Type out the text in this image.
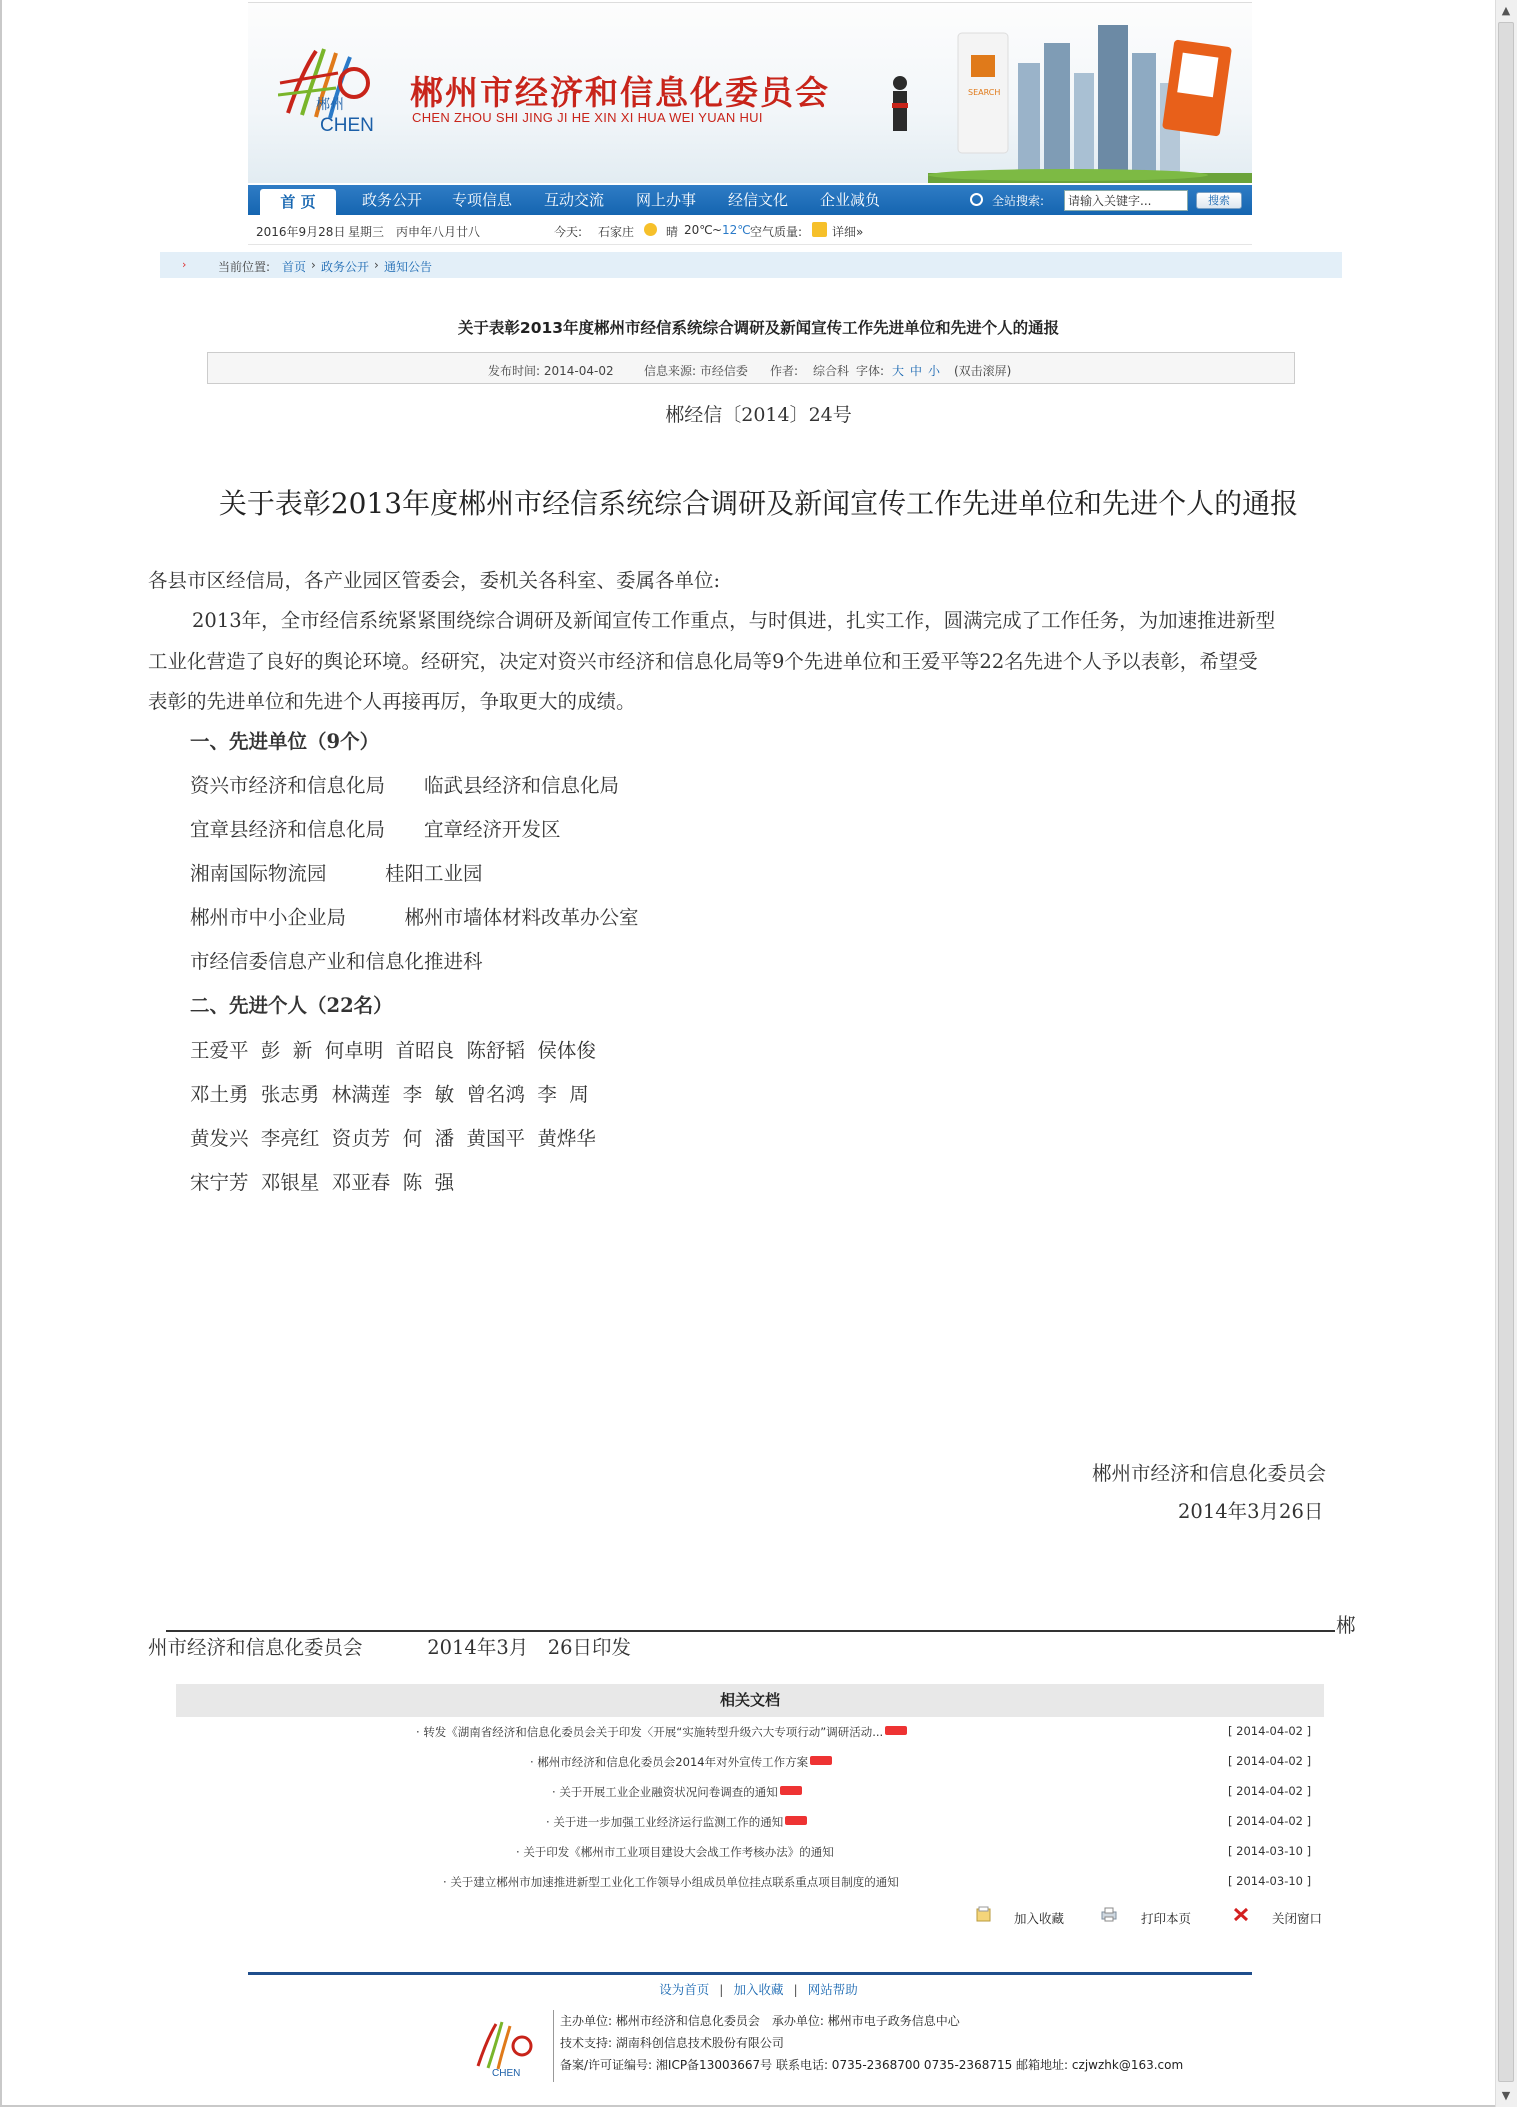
▲
▼
郴州
CHEN
郴州市经济和信息化委员会
CHEN ZHOU SHI JING JI HE XIN XI HUA WEI YUAN HUI
SEARCH
首 页	政务公开	专项信息	互动交流	网上办事	经信文化	企业减负	全站搜索:
请输入关键字...	搜索
2016年9月28日 星期三 丙申年八月廿八	今天: 石家庄	晴 20℃ ~ 12℃ 空气质量: 详细»
›	当前位置: 首页 › 政务公开 › 通知公告
关于表彰2013年度郴州市经信系统综合调研及新闻宣传工作先进单位和先进个人的通报
发布时间: 2014-04-02	信息来源: 市经信委 作者: 综合科 字体: 大 中 小 (双击滚屏)
郴经信〔2014〕24号
关于表彰2013年度郴州市经信系统综合调研及新闻宣传工作先进单位和先进个人的通报
各县市区经信局，各产业园区管委会，委机关各科室、委属各单位:
2013年，全市经信系统紧紧围绕综合调研及新闻宣传工作重点，与时俱进，扎实工作，圆满完成了工作任务，为加速推进新型
工业化营造了良好的舆论环境。经研究，决定对资兴市经济和信息化局等9个先进单位和王爱平等22名先进个人予以表彰，希望受
表彰的先进单位和先进个人再接再厉，争取更大的成绩。
一、先进单位（9个）
资兴市经济和信息化局　　临武县经济和信息化局
宜章县经济和信息化局　　宜章经济开发区
湘南国际物流园　　　桂阳工业园
郴州市中小企业局　　　郴州市墙体材料改革办公室
市经信委信息产业和信息化推进科
二、先进个人（22名）
王爱平  彭  新  何卓明  首昭良  陈舒韬  侯体俊
邓土勇  张志勇  林满莲  李  敏  曾名鸿  李  周
黄发兴  李亮红  资贞芳  何  潘  黄国平  黄烨华
宋宁芳  邓银星  邓亚春  陈  强
郴州市经济和信息化委员会
2014年3月26日
郴
州市经济和信息化委员会　　　 2014年3月　26日印发
相关文档
· 转发《湖南省经济和信息化委员会关于印发〈开展“实施转型升级六大专项行动”调研活动...	[ 2014-04-02 ]
· 郴州市经济和信息化委员会2014年对外宣传工作方案	[ 2014-04-02 ]
· 关于开展工业企业融资状况问卷调查的通知	[ 2014-04-02 ]
· 关于进一步加强工业经济运行监测工作的通知	[ 2014-04-02 ]
· 关于印发《郴州市工业项目建设大会战工作考核办法》的通知	[ 2014-03-10 ]
· 关于建立郴州市加速推进新型工业化工作领导小组成员单位挂点联系重点项目制度的通知	[ 2014-03-10 ]
加入收藏	打印本页	关闭窗口
设为首页 | 加入收藏 | 网站帮助
CHEN
主办单位: 郴州市经济和信息化委员会　承办单位: 郴州市电子政务信息中心
技术支持: 湖南科创信息技术股份有限公司
备案/许可证编号: 湘ICP备13003667号 联系电话: 0735-2368700 0735-2368715 邮箱地址: czjwzhk@163.com
